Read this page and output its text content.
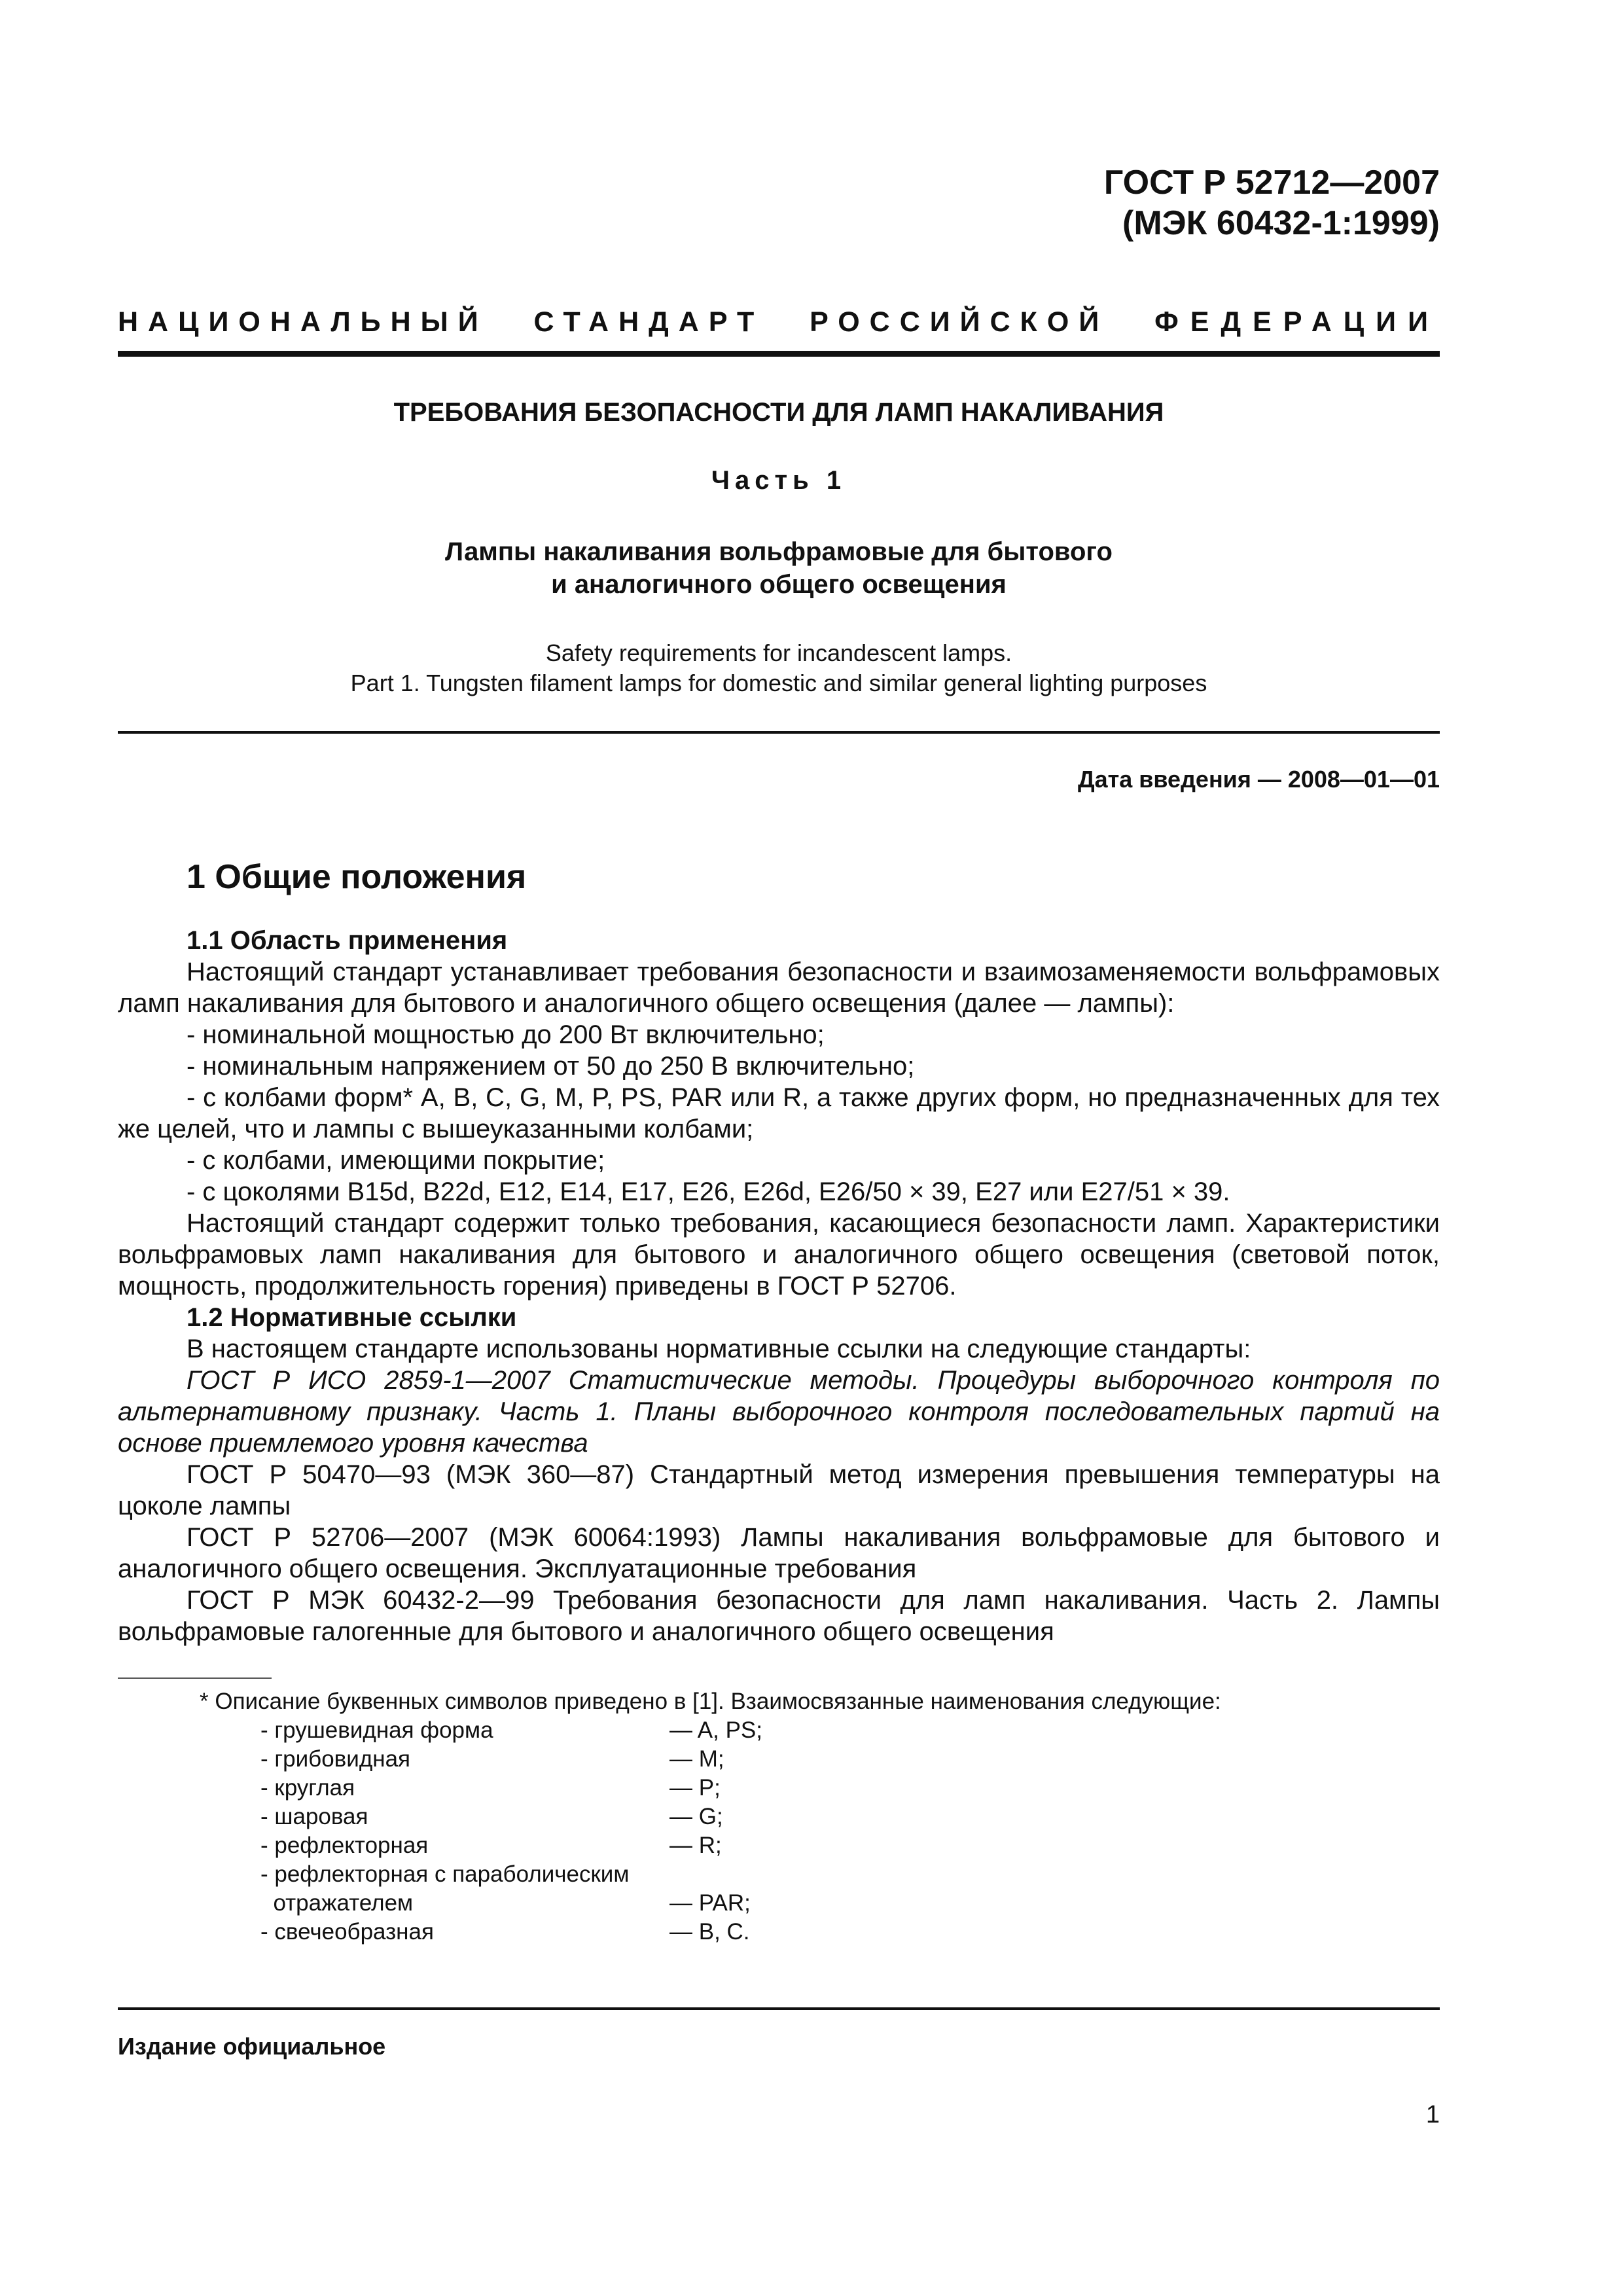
ГОСТ Р 52712—2007
(МЭК 60432-1:1999)
НАЦИОНАЛЬНЫЙ СТАНДАРТ РОССИЙСКОЙ ФЕДЕРАЦИИ
ТРЕБОВАНИЯ БЕЗОПАСНОСТИ ДЛЯ ЛАМП НАКАЛИВАНИЯ
Часть 1
Лампы накаливания вольфрамовые для бытового
и аналогичного общего освещения
Safety requirements for incandescent lamps.
Part 1. Tungsten filament lamps for domestic and similar general lighting purposes
Дата введения — 2008—01—01
1 Общие положения
1.1 Область применения
Настоящий стандарт устанавливает требования безопасности и взаимозаменяемости вольфрамовых ламп накаливания для бытового и аналогичного общего освещения (далее — лампы):
- номинальной мощностью до 200 Вт включительно;
- номинальным напряжением от 50 до 250 В включительно;
- с колбами форм* A, B, C, G, M, P, PS, PAR или R, а также других форм, но предназначенных для тех же целей, что и лампы с вышеуказанными колбами;
- с колбами, имеющими покрытие;
- с цоколями B15d, B22d, E12, E14, E17, E26, E26d, E26/50 × 39, E27 или E27/51 × 39.
Настоящий стандарт содержит только требования, касающиеся безопасности ламп. Характеристики вольфрамовых ламп накаливания для бытового и аналогичного общего освещения (световой поток, мощность, продолжительность горения) приведены в ГОСТ Р 52706.
1.2 Нормативные ссылки
В настоящем стандарте использованы нормативные ссылки на следующие стандарты:
ГОСТ Р ИСО 2859-1—2007 Статистические методы. Процедуры выборочного контроля по альтернативному признаку. Часть 1. Планы выборочного контроля последовательных партий на основе приемлемого уровня качества
ГОСТ Р 50470—93 (МЭК 360—87) Стандартный метод измерения превышения температуры на цоколе лампы
ГОСТ Р 52706—2007 (МЭК 60064:1993) Лампы накаливания вольфрамовые для бытового и аналогичного общего освещения. Эксплуатационные требования
ГОСТ Р МЭК 60432-2—99 Требования безопасности для ламп накаливания. Часть 2. Лампы вольфрамовые галогенные для бытового и аналогичного общего освещения
* Описание буквенных символов приведено в [1]. Взаимосвязанные наименования следующие:
- грушевидная форма	— A, PS;
- грибовидная	— M;
- круглая	— P;
- шаровая	— G;
- рефлекторная	— R;
- рефлекторная с параболическим
отражателем	— PAR;
- свечеобразная	— B, C.
Издание официальное
1
